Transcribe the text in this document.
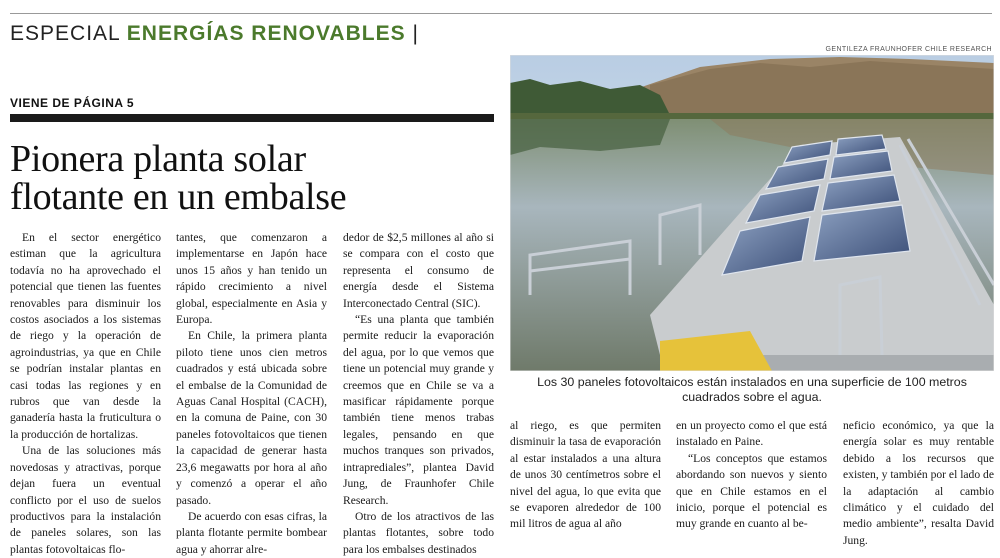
ESPECIAL ENERGÍAS RENOVABLES |
VIENE DE PÁGINA 5
Pionera planta solar
flotante en un embalse

En el sector energético estiman que la agricultura todavía no ha aprovechado el potencial que tienen las fuentes renovables para disminuir los costos asociados a los sistemas de riego y la operación de agroindustrias, ya que en Chile se podrían instalar plantas en casi todas las regiones y en rubros que van desde la ganadería hasta la fruticultura o la producción de hortalizas.

Una de las soluciones más novedosas y atractivas, porque dejan fuera un eventual conflicto por el uso de suelos productivos para la instalación de paneles solares, son las plantas fotovoltaicas flo-

tantes, que comenzaron a implementarse en Japón hace unos 15 años y han tenido un rápido crecimiento a nivel global, especialmente en Asia y Europa.

En Chile, la primera planta piloto tiene unos cien metros cuadrados y está ubicada sobre el embalse de la Comunidad de Aguas Canal Hospital (CACH), en la comuna de Paine, con 30 paneles fotovoltaicos que tienen la capacidad de generar hasta 23,6 megawatts por hora al año y comenzó a operar el año pasado.

De acuerdo con esas cifras, la planta flotante permite bombear agua y ahorrar alre-

dedor de $2,5 millones al año si se compara con el costo que representa el consumo de energía desde el Sistema Interconectado Central (SIC).

“Es una planta que también permite reducir la evaporación del agua, por lo que vemos que tiene un potencial muy grande y creemos que en Chile se va a masificar rápidamente porque también tiene menos trabas legales, pensando en que muchos tranques son privados, intraprediales”, plantea David Jung, de Fraunhofer Chile Research.

Otro de los atractivos de las plantas flotantes, sobre todo para los embalses destinados

GENTILEZA FRAUNHOFER CHILE RESEARCH
Los 30 paneles fotovoltaicos están instalados en una superficie de 100 metros cuadrados sobre el agua.

al riego, es que permiten disminuir la tasa de evaporación al estar instalados a una altura de unos 30 centímetros sobre el nivel del agua, lo que evita que se evaporen alrededor de 100 mil litros de agua al año

en un proyecto como el que está instalado en Paine.

“Los conceptos que estamos abordando son nuevos y siento que en Chile estamos en el inicio, porque el potencial es muy grande en cuanto al be-

neficio económico, ya que la energía solar es muy rentable debido a los recursos que existen, y también por el lado de la adaptación al cambio climático y el cuidado del medio ambiente”, resalta David Jung.
